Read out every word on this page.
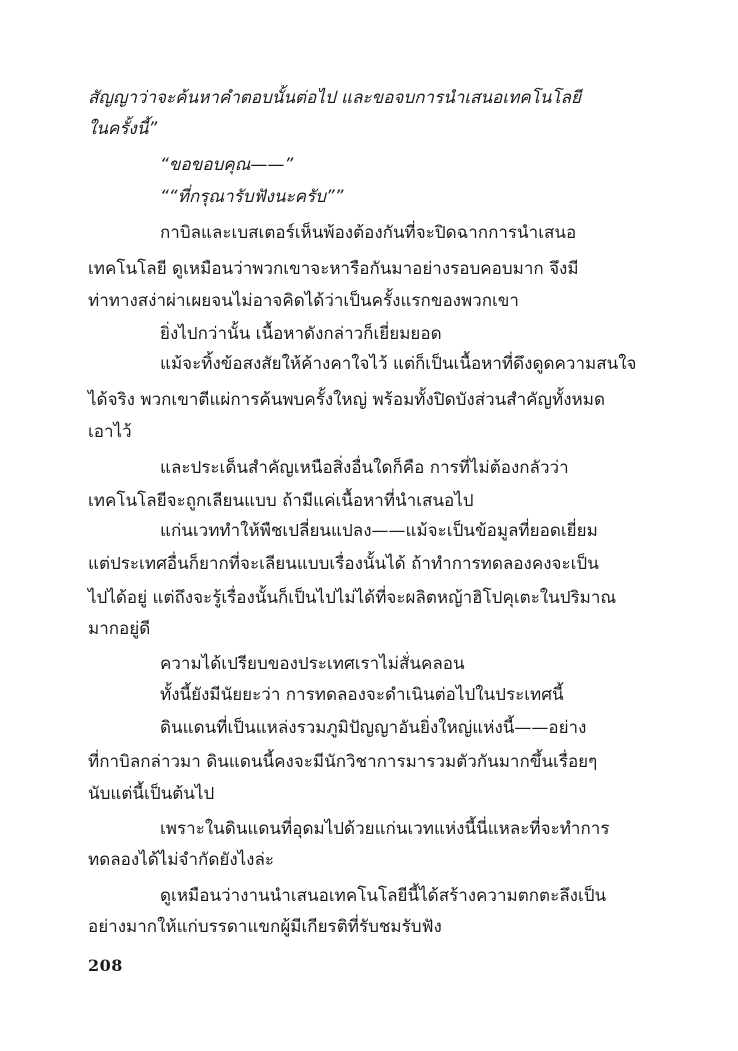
สัญญาว่าจะค้นหาคำตอบนั้นต่อไป และขอจบการนำเสนอเทคโนโลยี
ในครั้งนี้”
“ขอขอบคุณ——”
““ที่กรุณารับฟังนะครับ””
กาบิลและเบสเตอร์เห็นพ้องต้องกันที่จะปิดฉากการนำเสนอ
เทคโนโลยี ดูเหมือนว่าพวกเขาจะหารือกันมาอย่างรอบคอบมาก จึงมี
ท่าทางสง่าผ่าเผยจนไม่อาจคิดได้ว่าเป็นครั้งแรกของพวกเขา
ยิ่งไปกว่านั้น เนื้อหาดังกล่าวก็เยี่ยมยอด
แม้จะทิ้งข้อสงสัยให้ค้างคาใจไว้ แต่ก็เป็นเนื้อหาที่ดึงดูดความสนใจ
ได้จริง พวกเขาตีแผ่การค้นพบครั้งใหญ่ พร้อมทั้งปิดบังส่วนสำคัญทั้งหมด
เอาไว้
และประเด็นสำคัญเหนือสิ่งอื่นใดก็คือ การที่ไม่ต้องกลัวว่า
เทคโนโลยีจะถูกเลียนแบบ ถ้ามีแค่เนื้อหาที่นำเสนอไป
แก่นเวททำให้พืชเปลี่ยนแปลง——แม้จะเป็นข้อมูลที่ยอดเยี่ยม
แต่ประเทศอื่นก็ยากที่จะเลียนแบบเรื่องนั้นได้ ถ้าทำการทดลองคงจะเป็น
ไปได้อยู่ แต่ถึงจะรู้เรื่องนั้นก็เป็นไปไม่ได้ที่จะผลิตหญ้าฮิโปคุเตะในปริมาณ
มากอยู่ดี
ความได้เปรียบของประเทศเราไม่สั่นคลอน
ทั้งนี้ยังมีนัยยะว่า การทดลองจะดำเนินต่อไปในประเทศนี้
ดินแดนที่เป็นแหล่งรวมภูมิปัญญาอันยิ่งใหญ่แห่งนี้——อย่าง
ที่กาบิลกล่าวมา ดินแดนนี้คงจะมีนักวิชาการมารวมตัวกันมากขึ้นเรื่อยๆ
นับแต่นี้เป็นต้นไป
เพราะในดินแดนที่อุดมไปด้วยแก่นเวทแห่งนี้นี่แหละที่จะทำการ
ทดลองได้ไม่จำกัดยังไงล่ะ
ดูเหมือนว่างานนำเสนอเทคโนโลยีนี้ได้สร้างความตกตะลึงเป็น
อย่างมากให้แก่บรรดาแขกผู้มีเกียรติที่รับชมรับฟัง
208
